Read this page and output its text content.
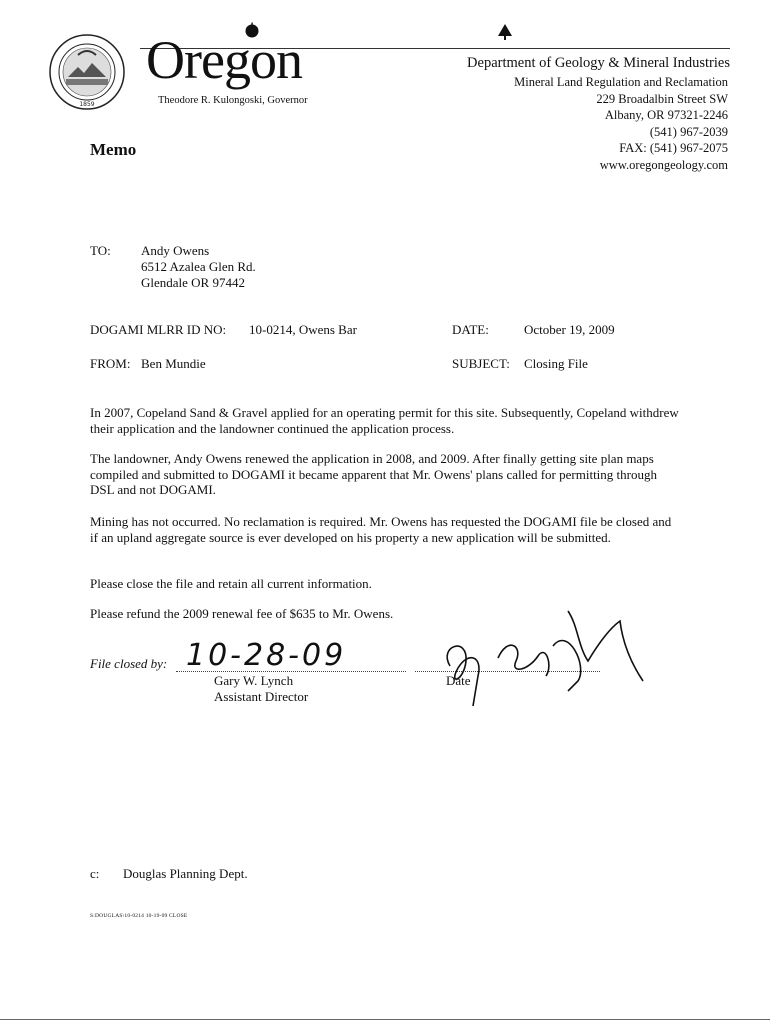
1859
Oregon
Theodore R. Kulongoski, Governor
Department of Geology & Mineral Industries
Mineral Land Regulation and Reclamation
229 Broadalbin Street SW
Albany, OR 97321-2246
(541) 967-2039
FAX: (541) 967-2075
www.oregongeology.com
Memo
TO: Andy Owens
6512 Azalea Glen Rd.
Glendale OR 97442
DOGAMI MLRR ID NO: 10-0214, Owens Bar	DATE:	October 19, 2009
FROM: Ben Mundie	SUBJECT: Closing File
In 2007, Copeland Sand & Gravel applied for an operating permit for this site. Subsequently, Copeland withdrew their application and the landowner continued the application process.
The landowner, Andy Owens renewed the application in 2008, and 2009. After finally getting site plan maps compiled and submitted to DOGAMI it became apparent that Mr. Owens' plans called for permitting through DSL and not DOGAMI.
Mining has not occurred. No reclamation is required. Mr. Owens has requested the DOGAMI file be closed and if an upland aggregate source is ever developed on his property a new application will be submitted.
Please close the file and retain all current information.
Please refund the 2009 renewal fee of $635 to Mr. Owens.
File closed by: 10-28-09
Gary W. Lynch
Assistant Director
Date
c: Douglas Planning Dept.
S:DOUGLAS\10-0214 10-19-09 CLOSE
